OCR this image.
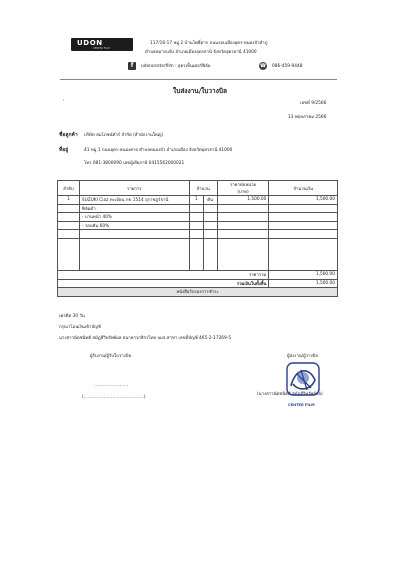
UDON
CENTER FILM
117/16-17 หมู่ 2 บ้านโพธิ์ตาก ถนนรอบเมืองอุดร-หนองบัวลำภู
ตำบลหมากแข้ง อำเภอเมืองอุดรธานี จังหวัดอุดรธานี 41000
f	udoncenterfilm : อุดรเซ็นเตอร์ฟิล์ม	☎ 086-459-9448
ใบส่งงาน/ใบวางบิล
'	เลขที่ 9/2566
13 พฤษภาคม 2566
ชื่อลูกค้า บริษัท สมโภชน์ทัวร์ จำกัด (สำนักงานใหญ่)
ที่อยู่	41 หมู่ 1 ถนนอุดร-หนองคาย ตำบลหนองบัว อำเภอเมือง จังหวัดอุดรธานี 41000
โทร 081-3800090 เลขผู้เสียภาษี 0415562000021
ลำดับ	รายการ	จำนวน		ราคาต่อหน่วย
(บาท)	จำนวนเงิน
1	SUZUKI Ciaz ทะเบียน กข 1514 อุราชฎร์จานี	1	คัน	1,500.00	1,500.00
	ฟิล์มดำ				
	- บานหน้า 40%				
	- รอบคัน 60%				

ราคารวม					1,500.00
รวมเงินในทั้งสิ้น					1,500.00
หนังสือรับรองการชำระ					
เครดิต 30 วัน
กรุณาโอนเงินเข้าบัญชี
นางสาวนัดชนิดศ์ สมัฏสีวิทรัพย์ผล ธนาคารกสิกรไทย บมจ.สาขา เลขที่บัญชี 465-2-17269-5
ผู้รับงาน/ผู้รับใบวางบิล
……………………
(……………………………………)
ผู้ส่งงาน/ผู้วางบิล
(นางสาวนัดชนิดศ์ สมัฏสีวิทรัพย์ผล)
CENTER FILM
